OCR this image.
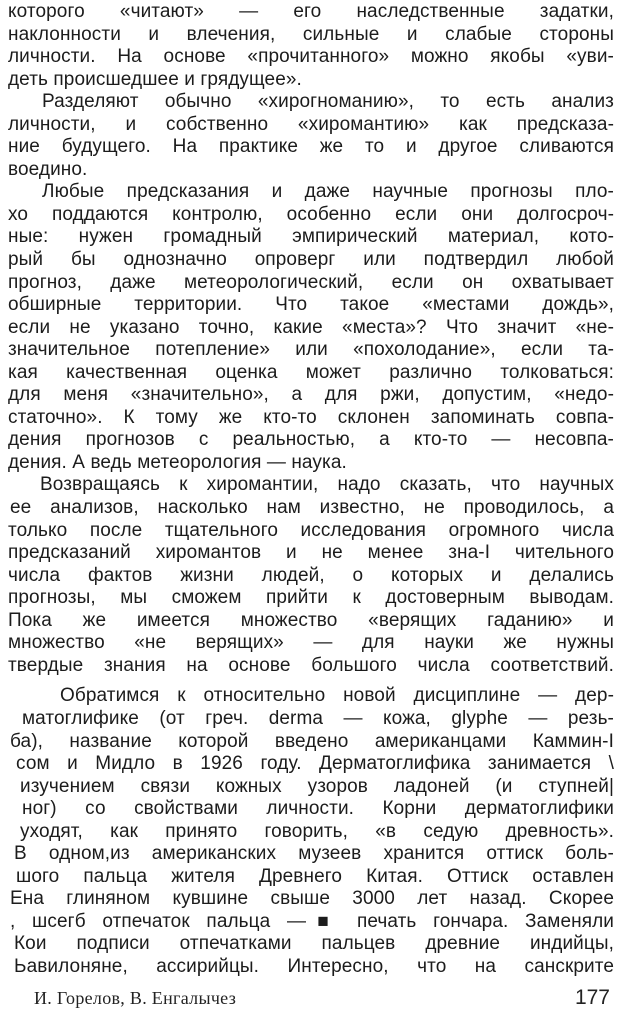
которого «читают» — его наследственные задатки,
наклонности и влечения, сильные и слабые стороны
личности. На основе «прочитанного» можно якобы «уви-
деть происшедшее и грядущее».
Разделяют обычно «хирогноманию», то есть анализ
личности, и собственно «хиромантию» как предсказа-
ние будущего. На практике же то и другое сливаются
воедино.
Любые предсказания и даже научные прогнозы пло-
хо поддаются контролю, особенно если они долгосроч-
ные: нужен громадный эмпирический материал, кото-
рый бы однозначно опроверг или подтвердил любой
прогноз, даже метеорологический, если он охватывает
обширные территории. Что такое «местами дождь»,
если не указано точно, какие «места»? Что значит «не-
значительное потепление» или «похолодание», если та-
кая качественная оценка может различно толковаться:
для меня «значительно», а для ржи, допустим, «недо-
статочно». К тому же кто-то склонен запоминать совпа-
дения прогнозов с реальностью, а кто-то — несовпа-
дения. А ведь метеорология — наука.
Возвращаясь к хиромантии, надо сказать, что научных
ее анализов, насколько нам известно, не проводилось, а
только после тщательного исследования огромного числа
предсказаний хиромантов и не менее зна-I чительного
числа фактов жизни людей, о которых и делались
прогнозы, мы сможем прийти к достоверным выводам.
Пока же имеется множество «верящих гаданию» и
множество «не верящих» — для науки же нужны
твердые знания на основе большого числа соответствий.
Обратимся к относительно новой дисциплине — дер-
матоглифике (от греч. derma — кожа, glyphe — резь-
ба), название которой введено американцами Каммин-I
сом и Мидло в 1926 году. Дерматоглифика занимается \
изучением связи кожных узоров ладоней (и ступней|
ног) со свойствами личности. Корни дерматоглифики
уходят, как принято говорить, «в седую древность».
В одном,из американских музеев хранится оттиск боль-
шого пальца жителя Древнего Китая. Оттиск оставлен
Ена глиняном кувшине свыше 3000 лет назад. Скорее
, шсегб отпечаток пальца —■ печать гончара. Заменяли
Кои подписи отпечатками пальцев древние индийцы,
Ьавилоняне, ассирийцы. Интересно, что на санскрите
И. Горелов, В. Енгалычез	177
